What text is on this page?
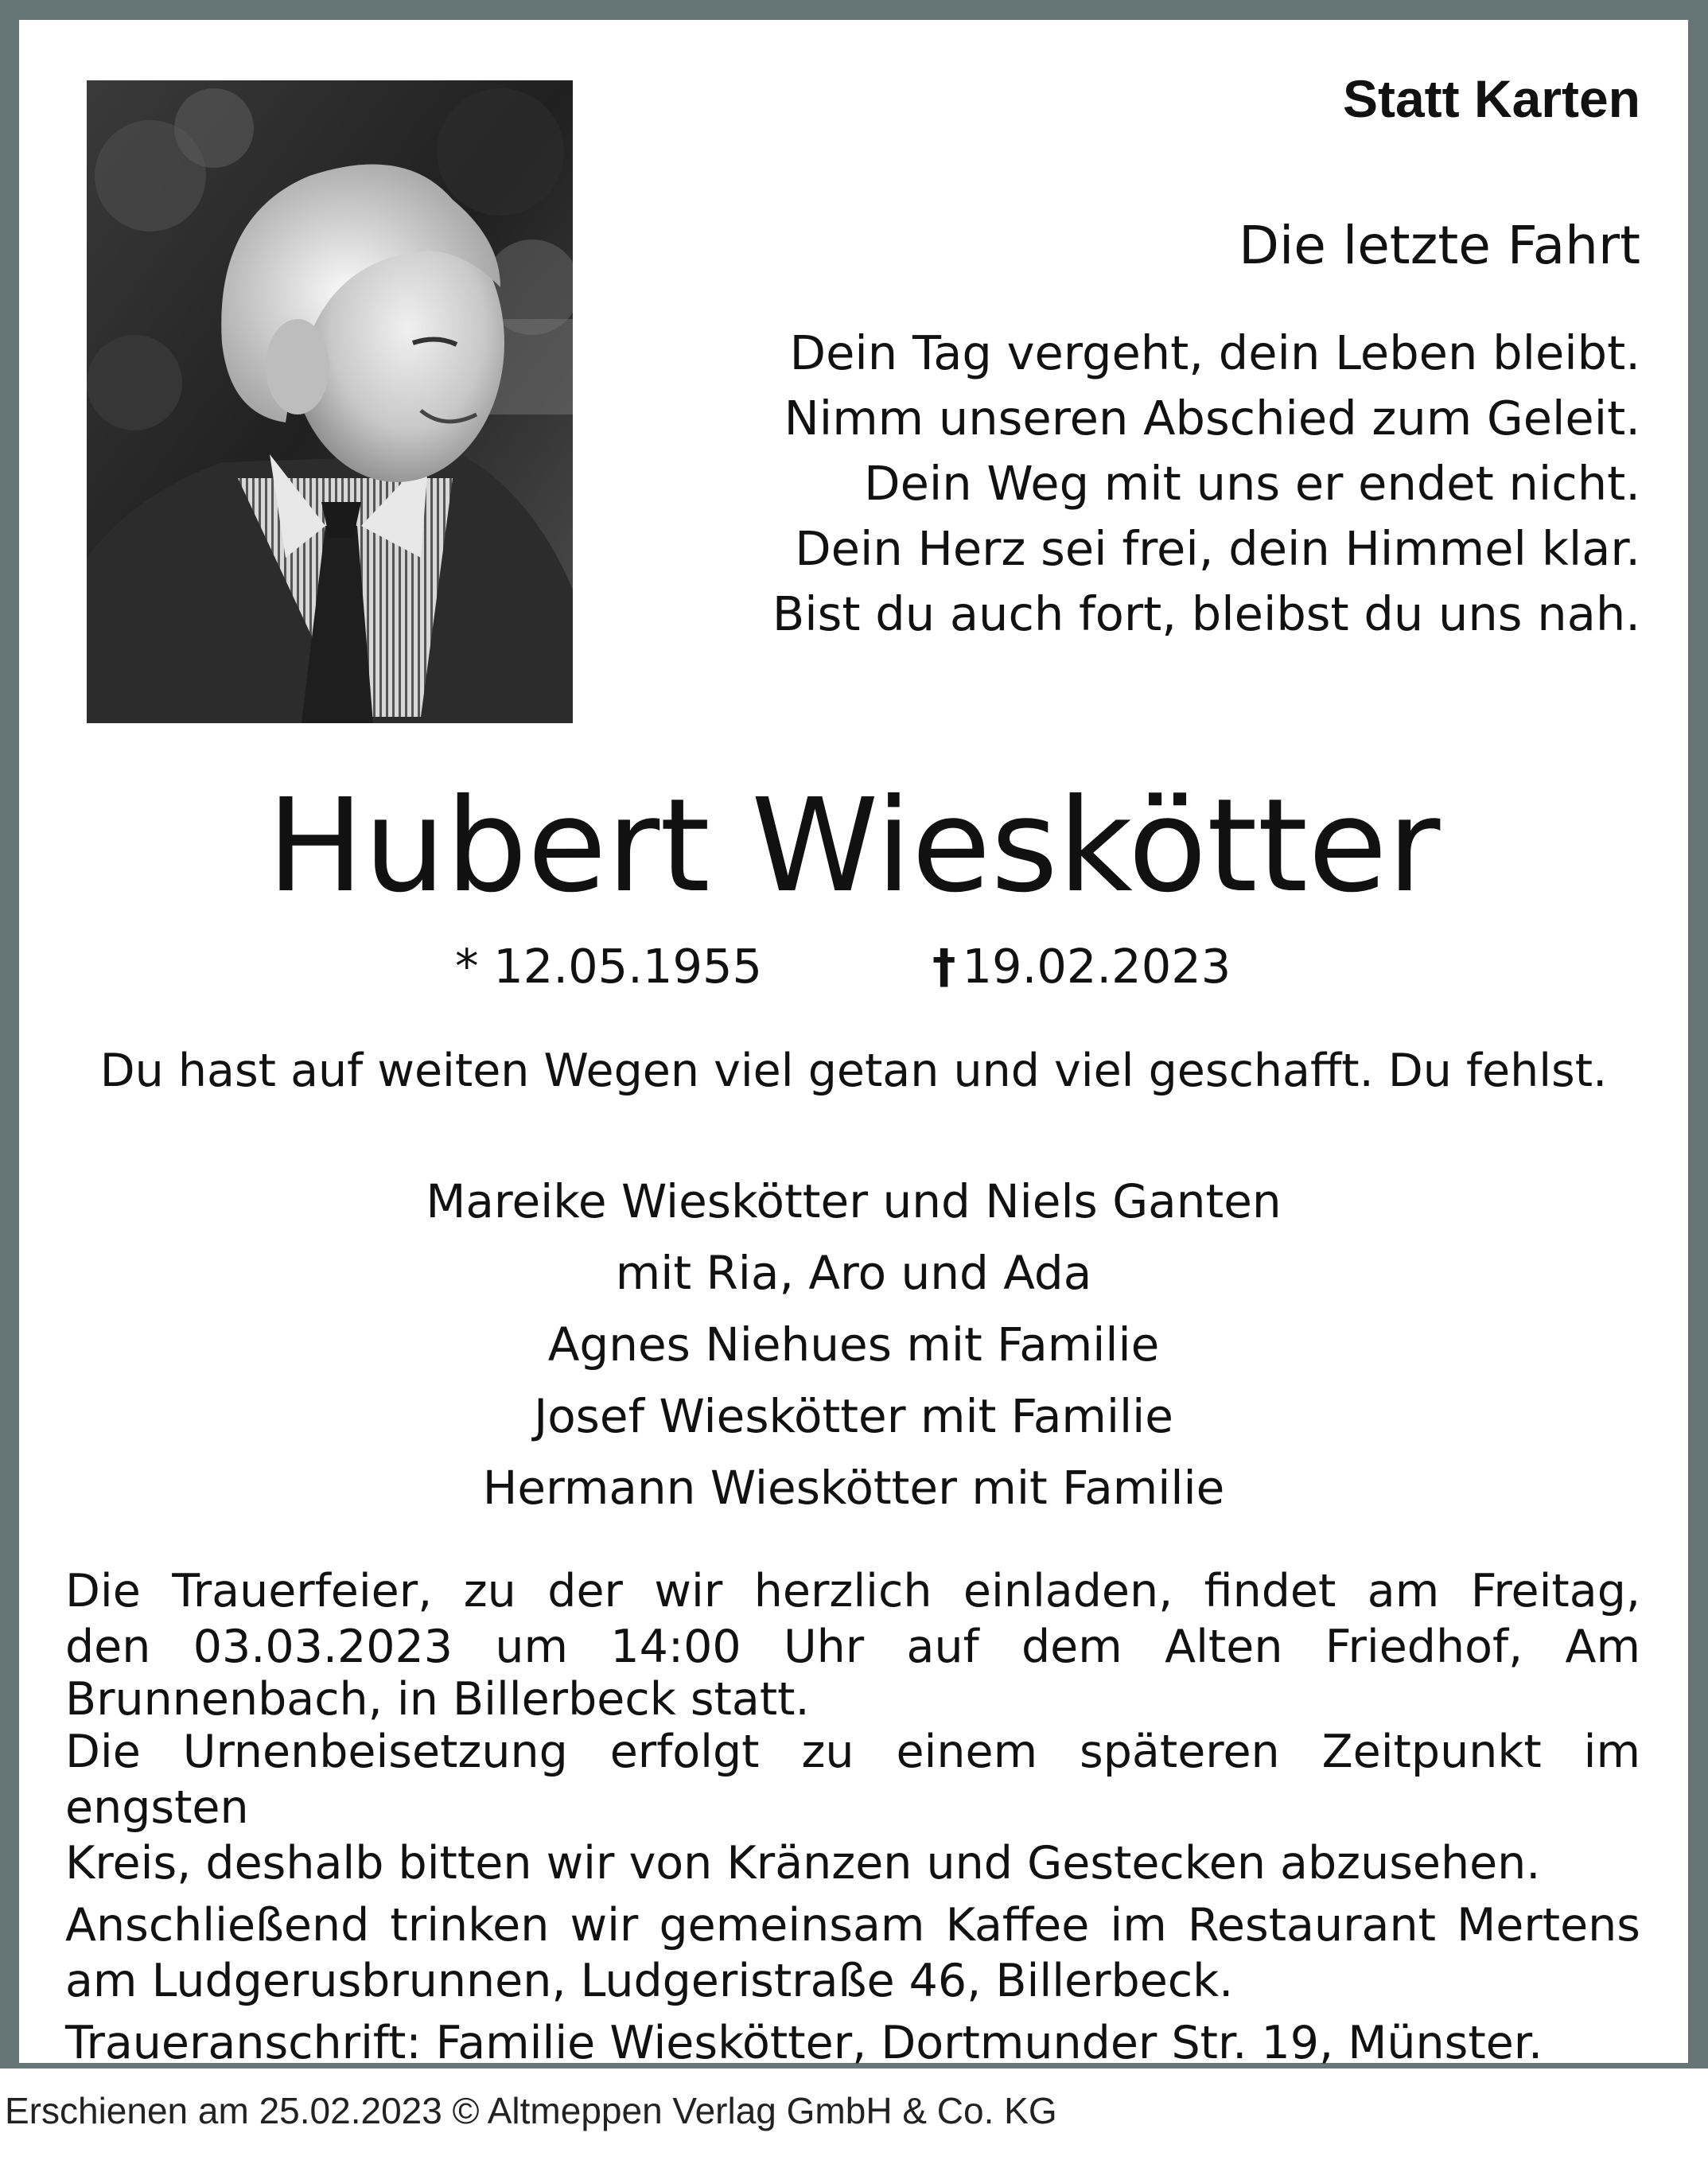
Statt Karten
Die letzte Fahrt
Dein Tag vergeht, dein Leben bleibt.
Nimm unseren Abschied zum Geleit.
Dein Weg mit uns er endet nicht.
Dein Herz sei frei, dein Himmel klar.
Bist du auch fort, bleibst du uns nah.
Hubert Wieskötter
* 12.05.1955	† 19.02.2023
Du hast auf weiten Wegen viel getan und viel geschafft. Du fehlst.
Mareike Wieskötter und Niels Ganten
mit Ria, Aro und Ada
Agnes Niehues mit Familie
Josef Wieskötter mit Familie
Hermann Wieskötter mit Familie

Die Trauerfeier, zu der wir herzlich einladen, findet am Freitag,

den 03.03.2023 um 14:00 Uhr auf dem Alten Friedhof, Am

Brunnenbach, in Billerbeck statt.

Die Urnenbeisetzung erfolgt zu einem späteren Zeitpunkt im engsten

Kreis, deshalb bitten wir von Kränzen und Gestecken abzusehen.

Anschließend trinken wir gemeinsam Kaffee im Restaurant Mertens

am Ludgerusbrunnen, Ludgeristraße 46, Billerbeck.

Traueranschrift: Familie Wieskötter, Dortmunder Str. 19, Münster.

Erschienen am 25.02.2023 © Altmeppen Verlag GmbH & Co. KG
